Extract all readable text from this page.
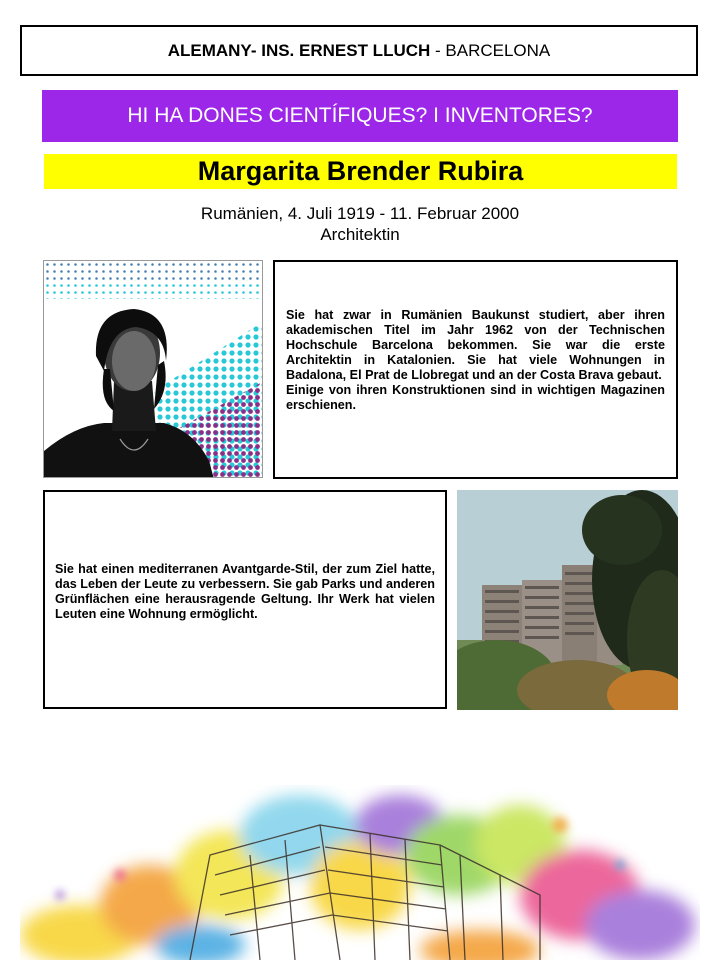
ALEMANY- INS. ERNEST LLUCH - BARCELONA
HI HA DONES CIENTÍFIQUES? I INVENTORES?
Margarita Brender Rubira
Rumänien, 4. Juli 1919 - 11. Februar 2000
Architektin

Sie hat zwar in Rumänien Baukunst studiert, aber ihren akademischen Titel im Jahr 1962 von der Technischen Hochschule Barcelona bekommen. Sie war die erste Architektin in Katalonien. Sie hat viele Wohnungen in Badalona, El Prat de Llobregat und an der Costa Brava gebaut.

Einige von ihren Konstruktionen sind in wichtigen Magazinen erschienen.

Sie hat einen mediterranen Avantgarde-Stil, der zum Ziel hatte, das Leben der Leute zu verbessern. Sie gab Parks und anderen Grünflächen eine herausragende Geltung. Ihr Werk hat vielen Leuten eine Wohnung ermöglicht.
